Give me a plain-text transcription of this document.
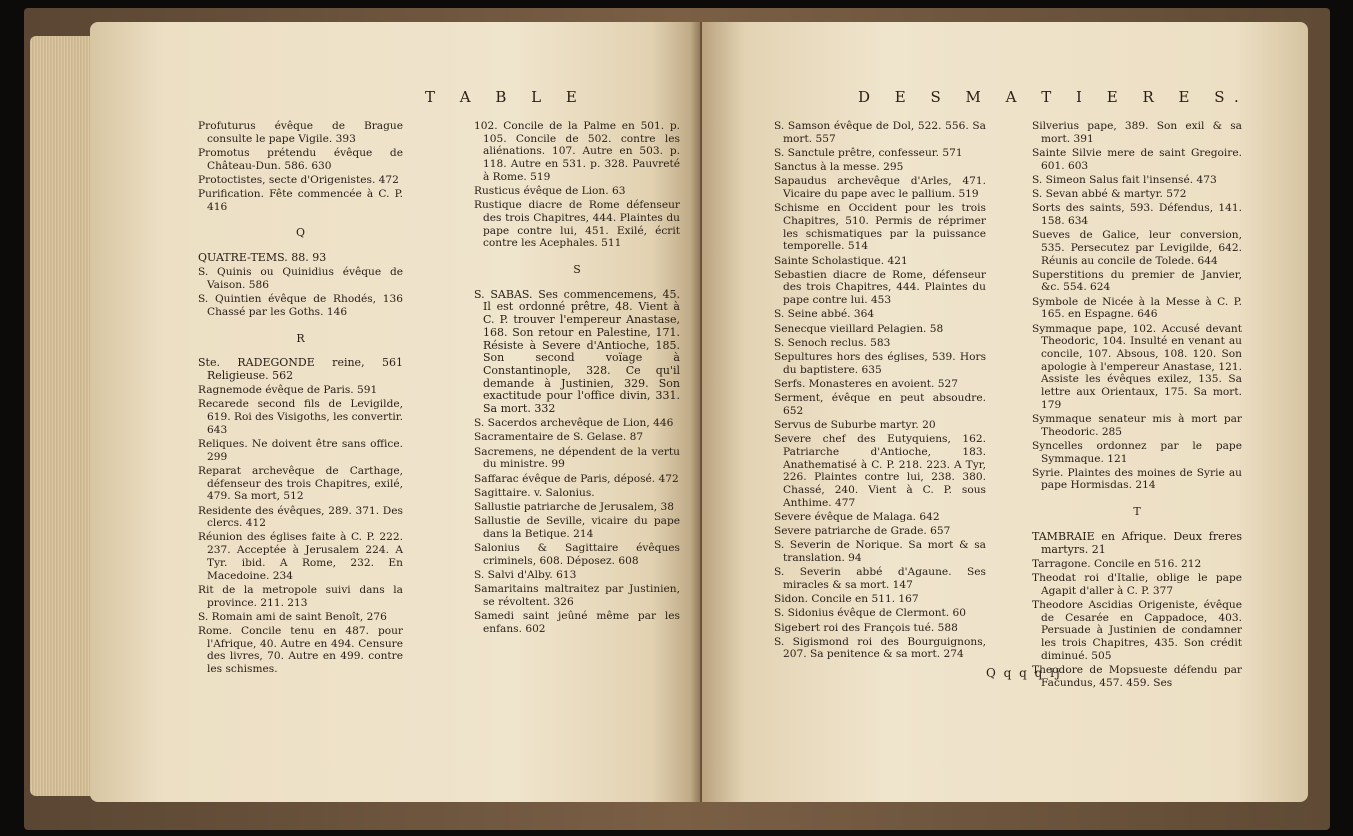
T A B L E

Profuturus évêque de Brague consulte le pape Vigile. 393

Promotus prétendu évêque de Château-Dun. 586. 630

Protoctistes, secte d'Origenistes. 472

Purification. Fête commencée à C. P. 416

Q

QUATRE-TEMS. 88. 93

S. Quinis ou Quinidius évêque de Vaison. 586

S. Quintien évêque de Rhodés, 136 Chassé par les Goths. 146

R

Ste. RADEGONDE reine, 561 Religieuse. 562

Ragnemode évêque de Paris. 591

Recarede second fils de Levigilde, 619. Roi des Visigoths, les convertir. 643

Reliques. Ne doivent être sans office. 299

Reparat archevêque de Carthage, défenseur des trois Chapitres, exilé, 479. Sa mort, 512

Residente des évêques, 289. 371. Des clercs. 412

Réunion des églises faite à C. P. 222. 237. Acceptée à Jerusalem 224. A Tyr. ibid. A Rome, 232. En Macedoine. 234

Rit de la metropole suivi dans la province. 211. 213

S. Romain ami de saint Benoît, 276

Rome. Concile tenu en 487. pour l'Afrique, 40. Autre en 494. Censure des livres, 70. Autre en 499. contre les schismes.

102. Concile de la Palme en 501. p. 105. Concile de 502. contre les aliénations. 107. Autre en 503. p. 118. Autre en 531. p. 328. Pauvreté à Rome. 519

Rusticus évêque de Lion. 63

Rustique diacre de Rome défenseur des trois Chapitres, 444. Plaintes du pape contre lui, 451. Exilé, écrit contre les Acephales. 511

S

S. SABAS. Ses commencemens, 45. Il est ordonné prêtre, 48. Vient à C. P. trouver l'empereur Anastase, 168. Son retour en Palestine, 171. Résiste à Severe d'Antioche, 185. Son second voïage à Constantinople, 328. Ce qu'il demande à Justinien, 329. Son exactitude pour l'office divin, 331. Sa mort. 332

S. Sacerdos archevêque de Lion, 446

Sacramentaire de S. Gelase. 87

Sacremens, ne dépendent de la vertu du ministre. 99

Saffarac évêque de Paris, déposé. 472

Sagittaire. v. Salonius.

Sallustie patriarche de Jerusalem, 38

Sallustie de Seville, vicaire du pape dans la Betique. 214

Salonius & Sagittaire évêques criminels, 608. Déposez. 608

S. Salvi d'Alby. 613

Samaritains maltraitez par Justinien, se révoltent. 326

Samedi saint jeûné même par les enfans. 602

D E S M A T I E R E S.

S. Samson évêque de Dol, 522. 556. Sa mort. 557

S. Sanctule prêtre, confesseur. 571

Sanctus à la messe. 295

Sapaudus archevêque d'Arles, 471. Vicaire du pape avec le pallium. 519

Schisme en Occident pour les trois Chapitres, 510. Permis de réprimer les schismatiques par la puissance temporelle. 514

Sainte Scholastique. 421

Sebastien diacre de Rome, défenseur des trois Chapitres, 444. Plaintes du pape contre lui. 453

S. Seine abbé. 364

Senecque vieillard Pelagien. 58

S. Senoch reclus. 583

Sepultures hors des églises, 539. Hors du baptistere. 635

Serfs. Monasteres en avoient. 527

Serment, évêque en peut absoudre. 652

Servus de Suburbe martyr. 20

Severe chef des Eutyquiens, 162. Patriarche d'Antioche, 183. Anathematisé à C. P. 218. 223. A Tyr, 226. Plaintes contre lui, 238. 380. Chassé, 240. Vient à C. P. sous Anthime. 477

Severe évêque de Malaga. 642

Severe patriarche de Grade. 657

S. Severin de Norique. Sa mort & sa translation. 94

S. Severin abbé d'Agaune. Ses miracles & sa mort. 147

Sidon. Concile en 511. 167

S. Sidonius évêque de Clermont. 60

Sigebert roi des François tué. 588

S. Sigismond roi des Bourguignons, 207. Sa penitence & sa mort. 274

Silverius pape, 389. Son exil & sa mort. 391

Sainte Silvie mere de saint Gregoire. 601. 603

S. Simeon Salus fait l'insensé. 473

S. Sevan abbé & martyr. 572

Sorts des saints, 593. Défendus, 141. 158. 634

Sueves de Galice, leur conversion, 535. Persecutez par Levigilde, 642. Réunis au concile de Tolede. 644

Superstitions du premier de Janvier, &c. 554. 624

Symbole de Nicée à la Messe à C. P. 165. en Espagne. 646

Symmaque pape, 102. Accusé devant Theodoric, 104. Insulté en venant au concile, 107. Absous, 108. 120. Son apologie à l'empereur Anastase, 121. Assiste les évêques exilez, 135. Sa lettre aux Orientaux, 175. Sa mort. 179

Symmaque senateur mis à mort par Theodoric. 285

Syncelles ordonnez par le pape Symmaque. 121

Syrie. Plaintes des moines de Syrie au pape Hormisdas. 214

T

TAMBRAIE en Afrique. Deux freres martyrs. 21

Tarragone. Concile en 516. 212

Theodat roi d'Italie, oblige le pape Agapit d'aller à C. P. 377

Theodore Ascidias Origeniste, évêque de Cesarée en Cappadoce, 403. Persuade à Justinien de condamner les trois Chapitres, 435. Son crédit diminué. 505

Theodore de Mopsueste défendu par Facundus, 457. 459. Ses

Q q q q ij
